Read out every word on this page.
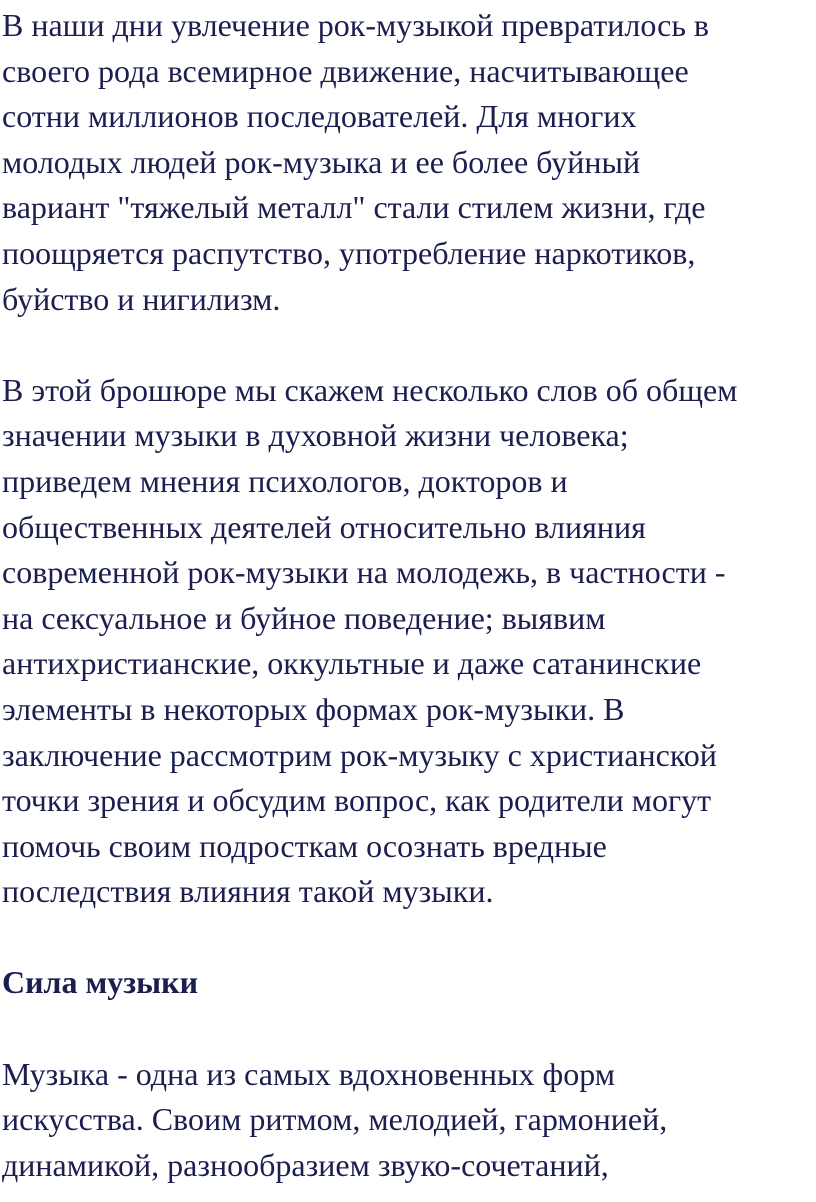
В наши дни увлечение рок-музыкой превратилось в
своего рода всемирное движение, насчитывающее
сотни миллионов последователей. Для многих
молодых людей рок-музыка и ее более буйный
вариант "тяжелый металл" стали стилем жизни, где
поощряется распутство, употребление наркотиков,
буйство и нигилизм.
В этой брошюре мы скажем несколько слов об общем
значении музыки в духовной жизни человека;
приведем мнения психологов, докторов и
общественных деятелей относительно влияния
современной рок-музыки на молодежь, в частности -
на сексуальное и буйное поведение; выявим
антихристианские, оккультные и даже сатанинские
элементы в некоторых формах рок-музыки. В
заключение рассмотрим рок-музыку с христианской
точки зрения и обсудим вопрос, как родители могут
помочь своим подросткам осознать вредные
последствия влияния такой музыки.
Сила музыки
Музыка - одна из самых вдохновенных форм
искусства. Своим ритмом, мелодией, гармонией,
динамикой, разнообразием звуко-сочетаний,
